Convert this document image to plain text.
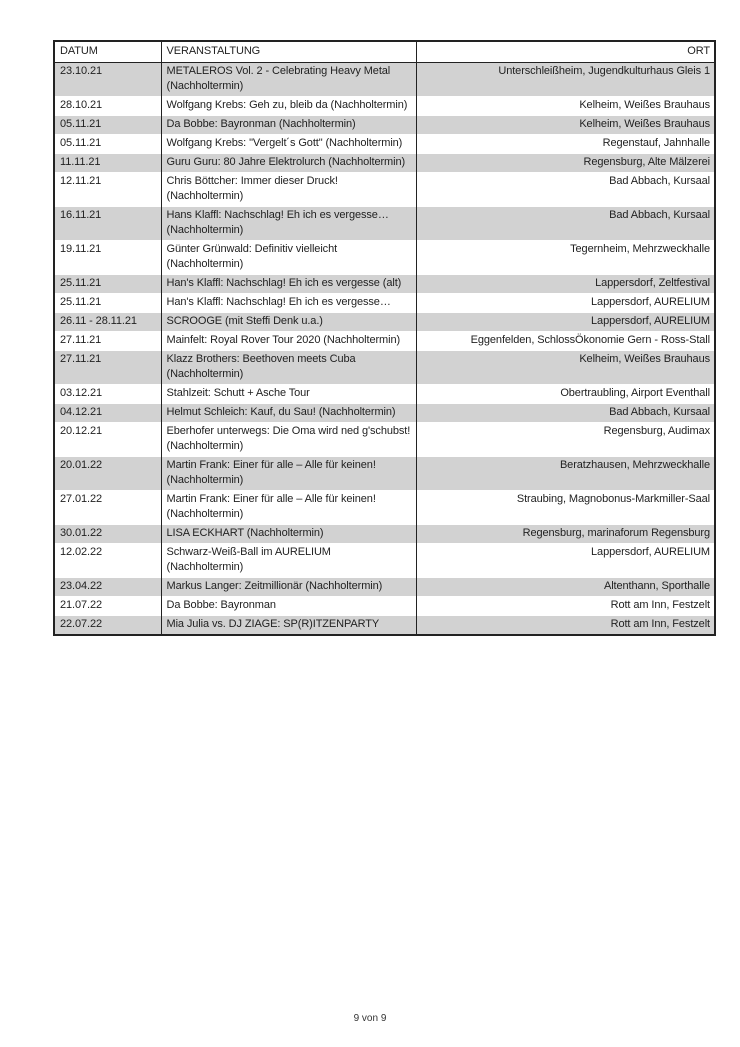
DATUM	VERANSTALTUNG	ORT
23.10.21	METALEROS Vol. 2 - Celebrating Heavy Metal (Nachholtermin)	Unterschleißheim, Jugendkulturhaus Gleis 1
28.10.21	Wolfgang Krebs: Geh zu, bleib da (Nachholtermin)	Kelheim, Weißes Brauhaus
05.11.21	Da Bobbe: Bayronman (Nachholtermin)	Kelheim, Weißes Brauhaus
05.11.21	Wolfgang Krebs: "Vergelt´s Gott" (Nachholtermin)	Regenstauf, Jahnhalle
11.11.21	Guru Guru: 80 Jahre Elektrolurch (Nachholtermin)	Regensburg, Alte Mälzerei
12.11.21	Chris Böttcher: Immer dieser Druck! (Nachholtermin)	Bad Abbach, Kursaal
16.11.21	Hans Klaffl: Nachschlag! Eh ich es vergesse… (Nachholtermin)	Bad Abbach, Kursaal
19.11.21	Günter Grünwald: Definitiv vielleicht (Nachholtermin)	Tegernheim, Mehrzweckhalle
25.11.21	Han's Klaffl: Nachschlag! Eh ich es vergesse (alt)	Lappersdorf, Zeltfestival
25.11.21	Han's Klaffl: Nachschlag! Eh ich es vergesse…	Lappersdorf, AURELIUM
26.11 - 28.11.21	SCROOGE (mit Steffi Denk u.a.)	Lappersdorf, AURELIUM
27.11.21	Mainfelt: Royal Rover Tour 2020 (Nachholtermin)	Eggenfelden, SchlossÖkonomie Gern - Ross-Stall
27.11.21	Klazz Brothers: Beethoven meets Cuba (Nachholtermin)	Kelheim, Weißes Brauhaus
03.12.21	Stahlzeit: Schutt + Asche Tour	Obertraubling, Airport Eventhall
04.12.21	Helmut Schleich: Kauf, du Sau! (Nachholtermin)	Bad Abbach, Kursaal
20.12.21	Eberhofer unterwegs: Die Oma wird ned g'schubst! (Nachholtermin)	Regensburg, Audimax
20.01.22	Martin Frank: Einer für alle – Alle für keinen! (Nachholtermin)	Beratzhausen, Mehrzweckhalle
27.01.22	Martin Frank: Einer für alle – Alle für keinen! (Nachholtermin)	Straubing, Magnobonus-Markmiller-Saal
30.01.22	LISA ECKHART (Nachholtermin)	Regensburg, marinaforum Regensburg
12.02.22	Schwarz-Weiß-Ball im AURELIUM (Nachholtermin)	Lappersdorf, AURELIUM
23.04.22	Markus Langer: Zeitmillionär (Nachholtermin)	Altenthann, Sporthalle
21.07.22	Da Bobbe: Bayronman	Rott am Inn, Festzelt
22.07.22	Mia Julia vs. DJ ZIAGE: SP(R)ITZENPARTY	Rott am Inn, Festzelt
9 von 9
